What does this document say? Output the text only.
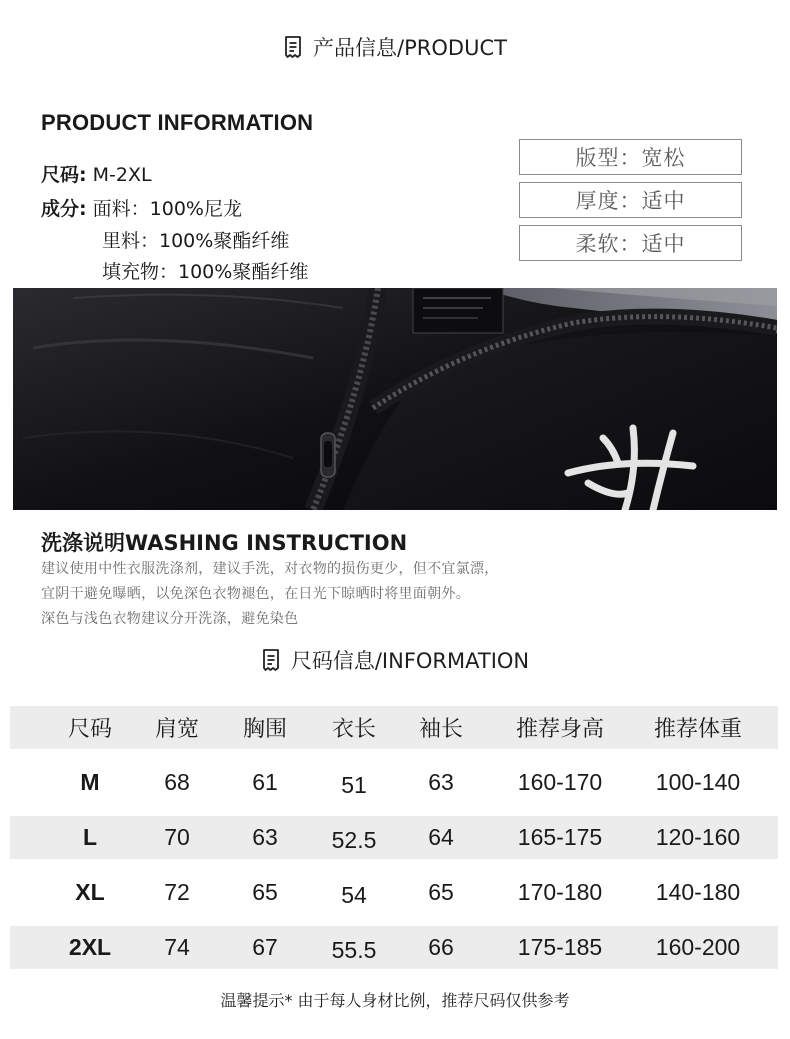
产品信息/PRODUCT
PRODUCT INFORMATION
尺码: M-2XL
成分: 面料：100%尼龙
里料：100%聚酯纤维
填充物：100%聚酯纤维
版型：宽松
厚度：适中
柔软：适中
洗涤说明WASHING INSTRUCTION
建议使用中性衣服洗涤剂，建议手洗，对衣物的损伤更少，但不宜氯漂，
宜阴干避免曝晒，以免深色衣物褪色，在日光下晾晒时将里面朝外。
深色与浅色衣物建议分开洗涤，避免染色
尺码信息/INFORMATION
尺码	肩宽	胸围	衣长	袖长	推荐身高	推荐体重
M	68	61	51	63	160-170	100-140
L	70	63	52.5	64	165-175	120-160
XL	72	65	54	65	170-180	140-180
2XL	74	67	55.5	66	175-185	160-200
温馨提示* 由于每人身材比例，推荐尺码仅供参考
